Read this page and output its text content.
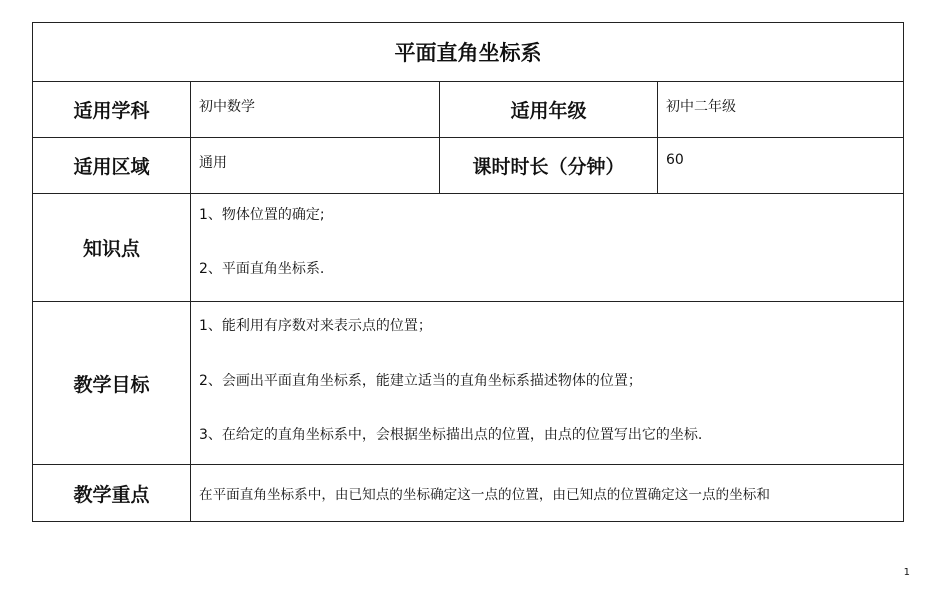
平面直角坐标系			
适用学科	初中数学	适用年级	初中二年级
适用区域	通用	课时时长（分钟）	60
知识点	1、物体位置的确定;

2、平面直角坐标系.		

教学目标	1、能利用有序数对来表示点的位置；

2、会画出平面直角坐标系，能建立适当的直角坐标系描述物体的位置；

3、在给定的直角坐标系中，会根据坐标描出点的位置，由点的位置写出它的坐标.		

教学重点	在平面直角坐标系中，由已知点的坐标确定这一点的位置，由已知点的位置确定这一点的坐标和		
1
